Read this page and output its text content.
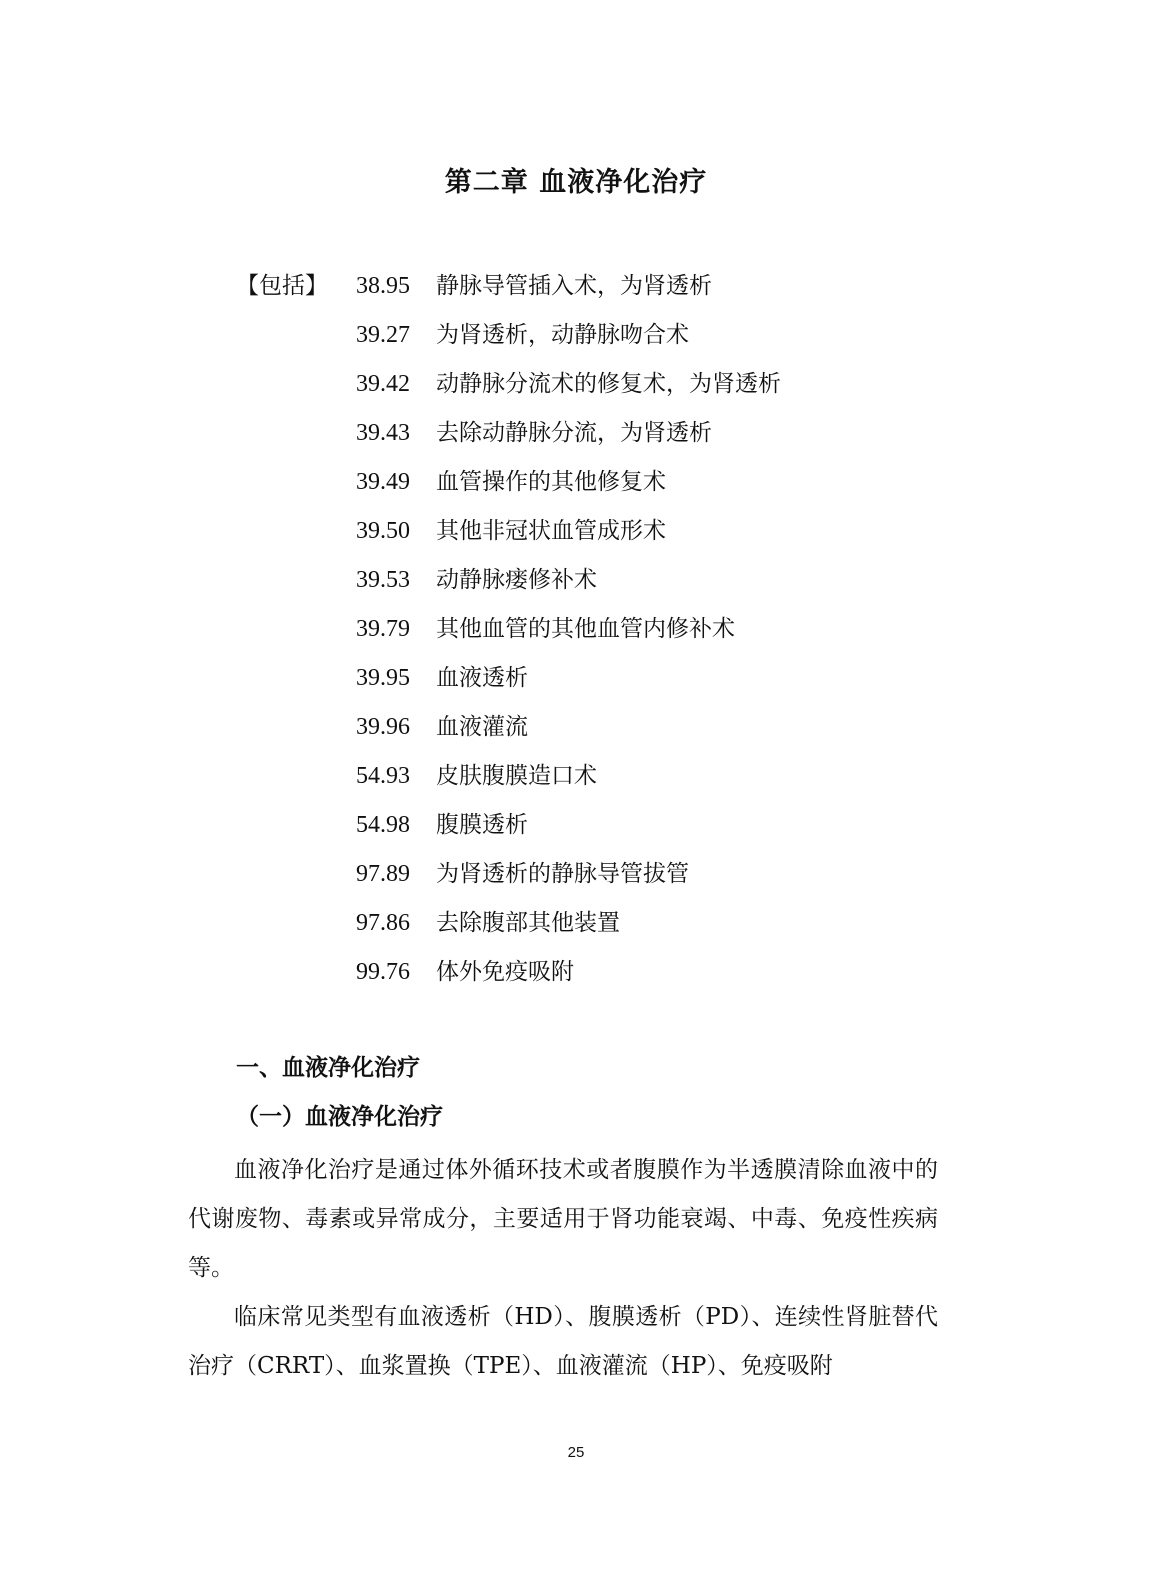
第二章 血液净化治疗
【包括】 38.95	静脉导管插入术，为肾透析
39.27	为肾透析，动静脉吻合术
39.42	动静脉分流术的修复术，为肾透析
39.43	去除动静脉分流，为肾透析
39.49	血管操作的其他修复术
39.50	其他非冠状血管成形术
39.53	动静脉瘘修补术
39.79	其他血管的其他血管内修补术
39.95	血液透析
39.96	血液灌流
54.93	皮肤腹膜造口术
54.98	腹膜透析
97.89	为肾透析的静脉导管拔管
97.86	去除腹部其他装置
99.76	体外免疫吸附
一、血液净化治疗
（一）血液净化治疗

血液净化治疗是通过体外循环技术或者腹膜作为半透膜清除血液中的代谢废物、毒素或异常成分，主要适用于肾功能衰竭、中毒、免疫性疾病等。

临床常见类型有血液透析（HD）、腹膜透析（PD）、连续性肾脏替代治疗（CRRT）、血浆置换（TPE）、血液灌流（HP）、免疫吸附

25
